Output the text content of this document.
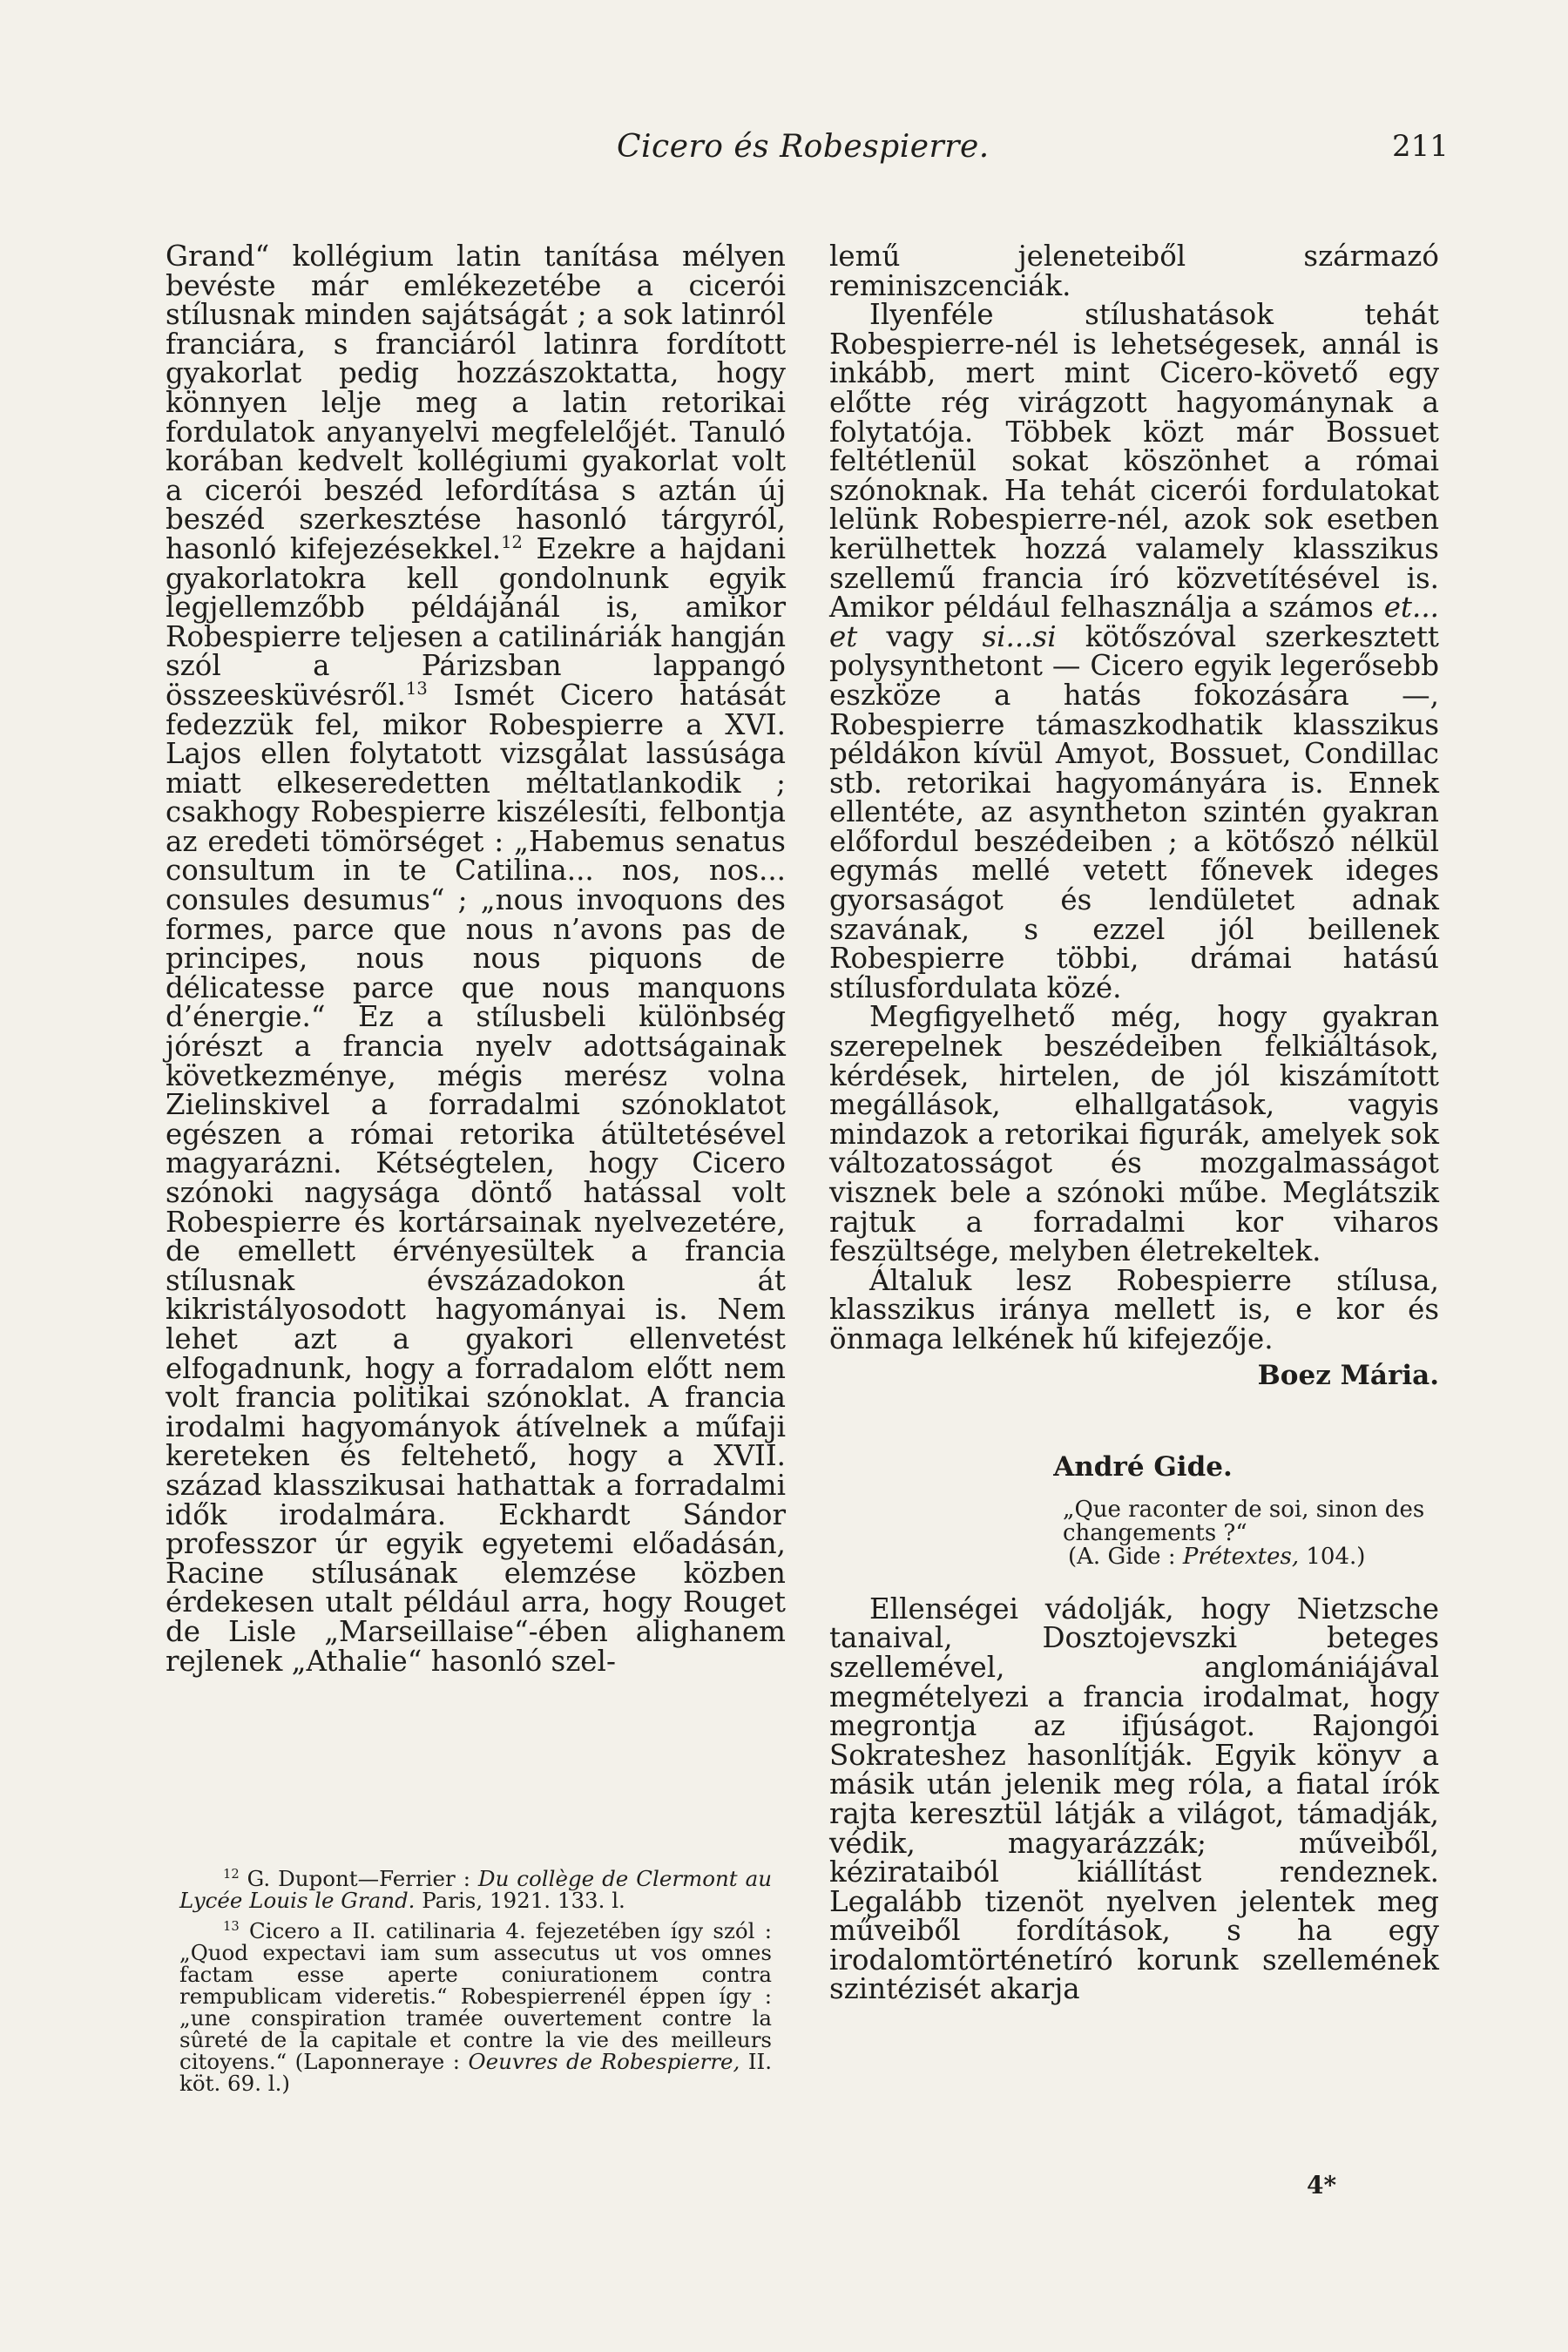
Cicero és Robespierre.	211

Grand“ kollégium latin tanítása mélyen bevéste már emlékezetébe a cicerói stílusnak minden sajátságát ; a sok latinról franciára, s franciáról latinra fordított gyakorlat pedig hozzászoktatta, hogy könnyen lelje meg a latin retorikai fordulatok anyanyelvi megfelelőjét. Tanuló korában kedvelt kollégiumi gyakorlat volt a cicerói beszéd lefordítása s aztán új beszéd szerkesztése hasonló tárgyról, hasonló kifejezésekkel.$^{12}$ Ezekre a hajdani gyakorlatokra kell gondolnunk egyik legjellemzőbb példájánál is, amikor Robespierre teljesen a catilináriák hangján szól a Párizsban lappangó összeesküvésről.$^{13}$ Ismét Cicero hatását fedezzük fel, mikor Robespierre a XVI. Lajos ellen folytatott vizsgálat lassúsága miatt elkeseredetten méltatlankodik ; csakhogy Robespierre kiszélesíti, felbontja az eredeti tömörséget : „Habemus senatus consultum in te Catilina... nos, nos... consules desumus“ ; „nous invoquons des formes, parce que nous n’avons pas de principes, nous nous piquons de délicatesse parce que nous manquons d’énergie.“ Ez a stílusbeli különbség jórészt a francia nyelv adottságainak következménye, mégis merész volna Zielinskivel a forradalmi szónoklatot egészen a római retorika átültetésével magyarázni. Kétségtelen, hogy Cicero szónoki nagysága döntő hatással volt Robespierre és kortársainak nyelvezetére, de emellett érvényesültek a francia stílusnak évszázadokon át kikristályosodott hagyományai is. Nem lehet azt a gyakori ellenvetést elfogadnunk, hogy a forradalom előtt nem volt francia politikai szónoklat. A francia irodalmi hagyományok átívelnek a műfaji kereteken és feltehető, hogy a XVII. század klasszikusai hathattak a forradalmi idők irodalmára. Eckhardt Sándor professzor úr egyik egyetemi előadásán, Racine stílusának elemzése közben érdekesen utalt például arra, hogy Rouget de Lisle „Marseillaise“-ében alighanem rejlenek „Athalie“ hasonló szel-

$^{12}$ G. Dupont—Ferrier : Du collège de Clermont au Lycée Louis le Grand. Paris, 1921. 133. l.

$^{13}$ Cicero a II. catilinaria 4. fejezetében így szól : „Quod expectavi iam sum assecutus ut vos omnes factam esse aperte coniurationem contra rempublicam videretis.“ Robespierrenél éppen így : „une conspiration tramée ouvertement contre la sûreté de la capitale et contre la vie des meilleurs citoyens.“ (Laponneraye : Oeuvres de Robespierre, II. köt. 69. l.)

lemű jeleneteiből származó reminiszcenciák.

Ilyenféle stílushatások tehát Robespierre-nél is lehetségesek, annál is inkább, mert mint Cicero-követő egy előtte rég virágzott hagyománynak a folytatója. Többek közt már Bossuet feltétlenül sokat köszönhet a római szónoknak. Ha tehát cicerói fordulatokat lelünk Robespierre-nél, azok sok esetben kerülhettek hozzá valamely klasszikus szellemű francia író közvetítésével is. Amikor például felhasználja a számos et... et vagy si...si kötőszóval szerkesztett polysynthetont — Cicero egyik legerősebb eszköze a hatás fokozására —, Robespierre támaszkodhatik klasszikus példákon kívül Amyot, Bossuet, Condillac stb. retorikai hagyományára is. Ennek ellentéte, az asyntheton szintén gyakran előfordul beszédeiben ; a kötőszó nélkül egymás mellé vetett főnevek ideges gyorsaságot és lendületet adnak szavának, s ezzel jól beillenek Robespierre többi, drámai hatású stílusfordulata közé.

Megfigyelhető még, hogy gyakran szerepelnek beszédeiben felkiáltások, kérdések, hirtelen, de jól kiszámított megállások, elhallgatások, vagyis mindazok a retorikai figurák, amelyek sok változatosságot és mozgalmasságot visznek bele a szónoki műbe. Meglátszik rajtuk a forradalmi kor viharos feszültsége, melyben életrekeltek.

Általuk lesz Robespierre stílusa, klasszikus iránya mellett is, e kor és önmaga lelkének hű kifejezője.

Boez Mária.

André Gide.

„Que raconter de soi, sinon des changements ?“
(A. Gide : Prétextes, 104.)

Ellenségei vádolják, hogy Nietzsche tanaival, Dosztojevszki beteges szellemével, anglomániájával megmételyezi a francia irodalmat, hogy megrontja az ifjúságot. Rajongói Sokrateshez hasonlítják. Egyik könyv a másik után jelenik meg róla, a fiatal írók rajta keresztül látják a világot, támadják, védik, magyarázzák; műveiből, kézirataiból kiállítást rendeznek. Legalább tizenöt nyelven jelentek meg műveiből fordítások, s ha egy irodalomtörténetíró korunk szellemének szintézisét akarja

4*
